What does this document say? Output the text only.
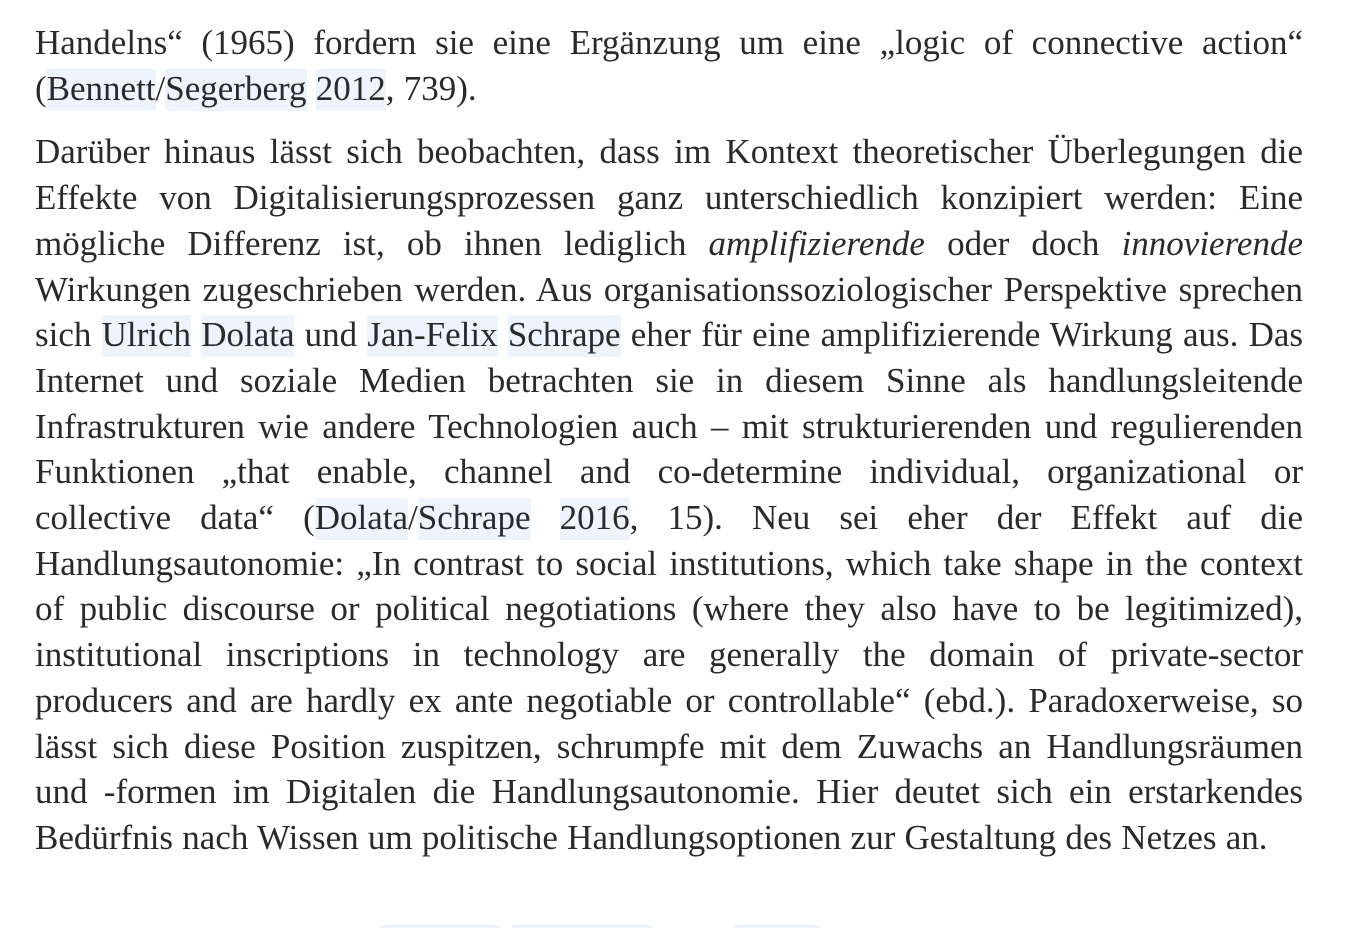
Handelns“ (1965) fordern sie eine Ergänzung um eine „logic of connective action“ (Bennett/Segerberg 2012, 739).

Darüber hinaus lässt sich beobachten, dass im Kontext theoretischer Überlegungen die Effekte von Digitalisierungsprozessen ganz unterschiedlich konzipiert werden: Eine mögliche Differenz ist, ob ihnen lediglich amplifizierende oder doch innovierende Wirkungen zugeschrieben werden. Aus organisationssoziologischer Perspektive sprechen sich Ulrich Dolata und Jan-Felix Schrape eher für eine amplifizierende Wirkung aus. Das Internet und soziale Medien betrachten sie in diesem Sinne als handlungsleitende Infrastrukturen wie andere Technologien auch – mit strukturierenden und regulierenden Funktionen „that enable, channel and co-determine individual, organizational or collective data“ (Dolata/Schrape 2016, 15). Neu sei eher der Effekt auf die Handlungsautonomie: „In contrast to social institutions, which take shape in the context of public discourse or political negotiations (where they also have to be legitimized), institutional inscriptions in technology are generally the domain of private-sector producers and are hardly ex ante negotiable or controllable“ (ebd.). Paradoxerweise, so lässt sich diese Position zuspitzen, schrumpfe mit dem Zuwachs an Handlungsräumen und -formen im Digitalen die Handlungsautonomie. Hier deutet sich ein erstarkendes Bedürfnis nach Wissen um politische Handlungsoptionen zur Gestaltung des Netzes an.
